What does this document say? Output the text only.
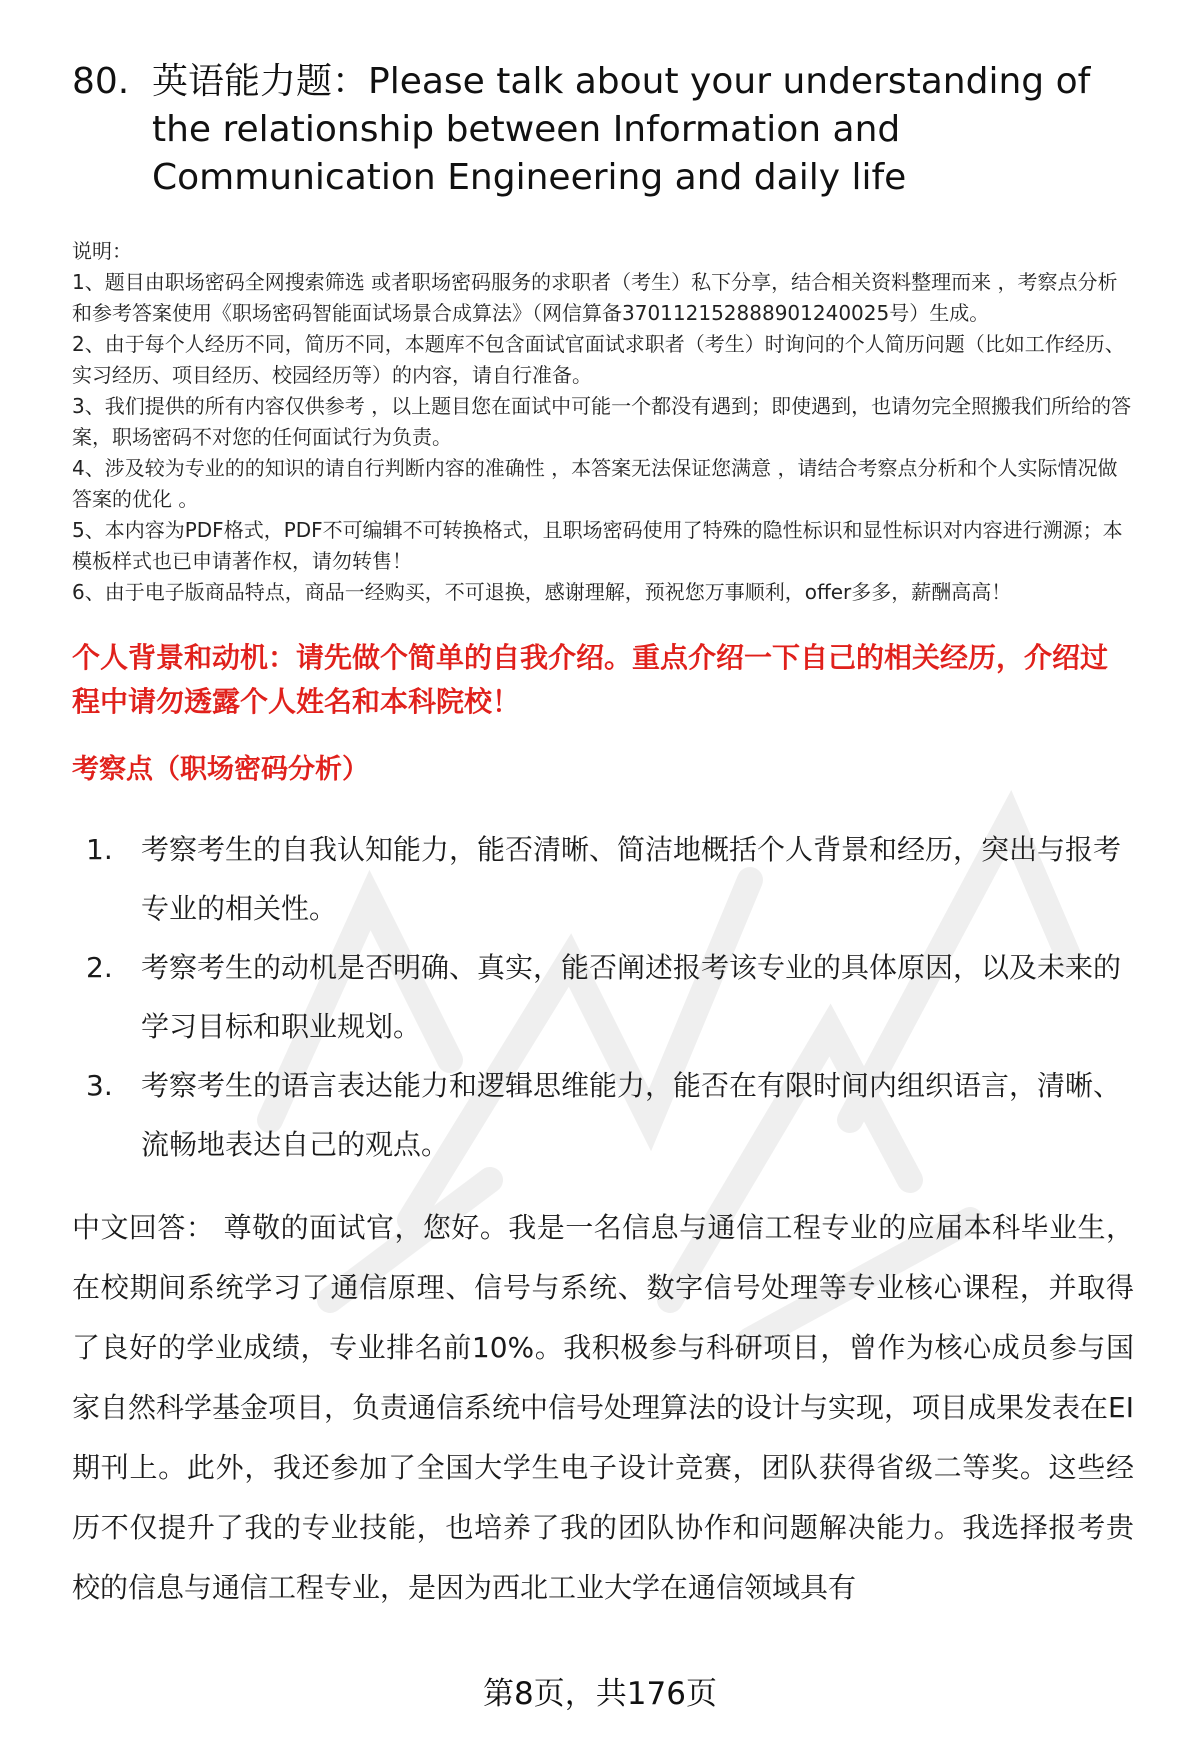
80. 英语能力题：Please talk about your understanding of the relationship between Information and Communication Engineering and daily life
说明：
1、题目由职场密码全网搜索筛选 或者职场密码服务的求职者（考生）私下分享，结合相关资料整理而来 ，考察点分析和参考答案使用《职场密码智能面试场景合成算法》（网信算备370112152888901240025号）生成。
2、由于每个人经历不同，简历不同，本题库不包含面试官面试求职者（考生）时询问的个人简历问题（比如工作经历、实习经历、项目经历、校园经历等）的内容，请自行准备。
3、我们提供的所有内容仅供参考 ，以上题目您在面试中可能一个都没有遇到；即使遇到，也请勿完全照搬我们所给的答案，职场密码不对您的任何面试行为负责。
4、涉及较为专业的的知识的请自行判断内容的准确性 ，本答案无法保证您满意 ，请结合考察点分析和个人实际情况做答案的优化 。
5、本内容为PDF格式，PDF不可编辑不可转换格式，且职场密码使用了特殊的隐性标识和显性标识对内容进行溯源；本模板样式也已申请著作权，请勿转售！
6、由于电子版商品特点，商品一经购买，不可退换，感谢理解，预祝您万事顺利，offer多多，薪酬高高！
个人背景和动机：请先做个简单的自我介绍。重点介绍一下自己的相关经历，介绍过程中请勿透露个人姓名和本科院校！
考察点（职场密码分析）
1.	考察考生的自我认知能力，能否清晰、简洁地概括个人背景和经历，突出与报考专业的相关性。
2.	考察考生的动机是否明确、真实，能否阐述报考该专业的具体原因，以及未来的学习目标和职业规划。
3.	考察考生的语言表达能力和逻辑思维能力，能否在有限时间内组织语言，清晰、流畅地表达自己的观点。
中文回答： 尊敬的面试官，您好。我是一名信息与通信工程专业的应届本科毕业生，在校期间系统学习了通信原理、信号与系统、数字信号处理等专业核心课程，并取得了良好的学业成绩，专业排名前10%。我积极参与科研项目，曾作为核心成员参与国家自然科学基金项目，负责通信系统中信号处理算法的设计与实现，项目成果发表在EI期刊上。此外，我还参加了全国大学生电子设计竞赛，团队获得省级二等奖。这些经历不仅提升了我的专业技能，也培养了我的团队协作和问题解决能力。我选择报考贵校的信息与通信工程专业，是因为西北工业大学在通信领域具有
第8页，共176页
